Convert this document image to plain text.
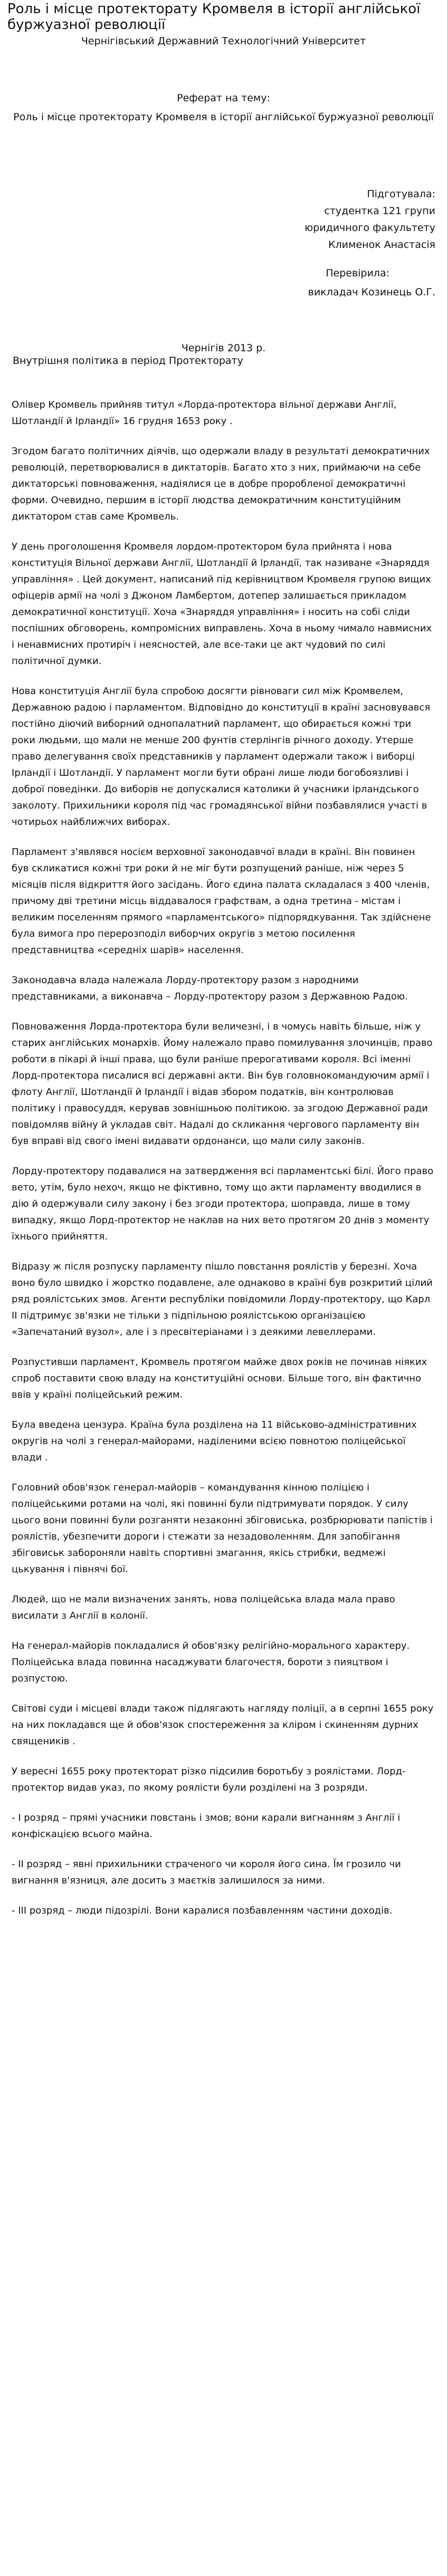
Роль і місце протекторату Кромвеля в історії англійської буржуазної революції

Чернігівський Державний Технологічний Університет

Реферат на тему:

Роль і місце протекторату Кромвеля в історії англійської буржуазної революції

Підготувала:

студентка 121 групи

юридичного факультету

Клименок Анастасія

Перевірила:

викладач Козинець О.Г.

Чернігів 2013 р.

Внутрішня політика в період Протекторату

Олівер Кромвель прийняв титул «Лорда-протектора вільної держави Англії, Шотландії й Ірландії» 16 грудня 1653 року .

Згодом багато політичних діячів, що одержали владу в результаті демократичних революцій, перетворювалися в диктаторів. Багато хто з них, приймаючи на себе диктаторські повноваження, надіялися це в добре проробленої демократичні форми. Очевидно, першим в історії людства демократичним конституційним диктатором став саме Кромвель.

У день проголошення Кромвеля лордом-протектором була прийнята і нова конституція Вільної держави Англії, Шотландії й Ірландії, так називане «Знаряддя управління» . Цей документ, написаний під керівництвом Кромвеля групою вищих офіцерів армії на чолі з Джоном Ламбертом, дотепер залишається прикладом демократичної конституції. Хоча «Знаряддя управління» і носить на собі сліди поспішних обговорень, компромісних виправлень. Хоча в ньому чимало навмисних і ненавмисних протиріч і неясностей, але все-таки це акт чудовий по силі політичної думки.

Нова конституція Англії була спробою досягти рівноваги сил між Кромвелем, Державною радою і парламентом. Відповідно до конституції в країні засновувався постійно діючий виборний однопалатний парламент, що обирається кожні три роки людьми, що мали не менше 200 фунтів стерлінгів річного доходу. Утерше право делегування своїх представників у парламент одержали також і виборці Ірландії і Шотландії. У парламент могли бути обрані лише люди богобоязливі і доброї поведінки. До виборів не допускалися католики й учасники ірландського заколоту. Прихильники короля під час громадянської війни позбавлялися участі в чотирьох найближчих виборах.

Парламент з'являвся носієм верховної законодавчої влади в країні. Він повинен був скликатися кожні три роки й не міг бути розпущений раніше, ніж через 5 місяців після відкриття його засідань. Його єдина палата складалася з 400 членів, причому дві третини місць віддавалося графствам, а одна третина - містам і великим поселенням прямого «парламентського» підпорядкування. Так здійснене була вимога про перерозподіл виборчих округів з метою посилення представництва «середніх шарів» населення.

Законодавча влада належала Лорду-протектору разом з народними представниками, а виконавча – Лорду-протектору разом з Державною Радою.

Повноваження Лорда-протектора були величезні, і в чомусь навіть більше, ніж у старих англійських монархів. Йому належало право помилування злочинців, право роботи в пікарі й інші права, що були раніше прерогативами короля. Всі іменні Лорд-протектора писалися всі державні акти. Він був головнокомандуючим армії і флоту Англії, Шотландії й Ірландії і відав збором податків, він контролював політику і правосуддя, керував зовнішньою політикою. за згодою Державної ради повідомляв війну й укладав світ. Надалі до скликання чергового парламенту він був вправі від свого імені видавати ордонанси, що мали силу законів.

Лорду-протектору подавалися на затвердження всі парламентські білі. Його право вето, утім, було нехоч, якщо не фіктивно, тому що акти парламенту вводилися в дію й одержували силу закону і без згоди протектора, шоправда, лише в тому випадку, якщо Лорд-протектор не наклав на них вето протягом 20 днів з моменту їхнього прийняття.

Відразу ж після розпуску парламенту пішло повстання роялістів у березні. Хоча воно було швидко і жорстко подавлене, але однаково в країні був розкритий цілий ряд роялістських змов. Агенти республіки повідомили Лорду-протектору, що Карл II підтримує зв'язки не тільки з підпільною роялістською організацією «Запечатаний вузол», але і з пресвітеріанами і з деякими левеллерами.

Розпустивши парламент, Кромвель протягом майже двох років не починав ніяких спроб поставити свою владу на конституційні основи. Більше того, він фактично ввів у країні поліцейський режим.

Була введена цензура. Країна була розділена на 11 військово-адміністративних округів на чолі з генерал-майорами, наділеними всією повнотою поліцейської влади .

Головний обов'язок генерал-майорів – командування кінною поліцією і поліцейськими ротами на чолі, які повинні були підтримувати порядок. У силу цього вони повинні були розганяти незаконні збіговиська, розбрюрювати папістів і роялістів, убезпечити дороги і стежати за незадоволенням. Для запобігання збіговиськ забороняли навіть спортивні змагання, якісь стрибки, ведмежі цькування і півнячі бої.

Людей, що не мали визначених занять, нова поліцейська влада мала право висилати з Англії в колонії.

На генерал-майорів покладалися й обов'язку релігійно-морального характеру. Поліцейська влада повинна насаджувати благочестя, бороти з пияцтвом і розпустою.

Світові суди і місцеві влади також підлягають нагляду поліції, а в серпні 1655 року на них покладався ще й обов'язок спостереження за кліром і скиненням дурних священиків .

У вересні 1655 року протекторат різко підсилив боротьбу з роялістами. Лорд-протектор видав указ, по якому роялісти були розділені на 3 розряди.

- І розряд – прямі учасники повстань і змов; вони карали вигнанням з Англії і конфіскацією всього майна.

- ІІ розряд – явні прихильники страченого чи короля його сина. Їм грозило чи вигнання в'язниця, але досить з маєтків залишилося за ними.

- ІІІ розряд – люди підозрілі. Вони каралися позбавленням частини доходів.
